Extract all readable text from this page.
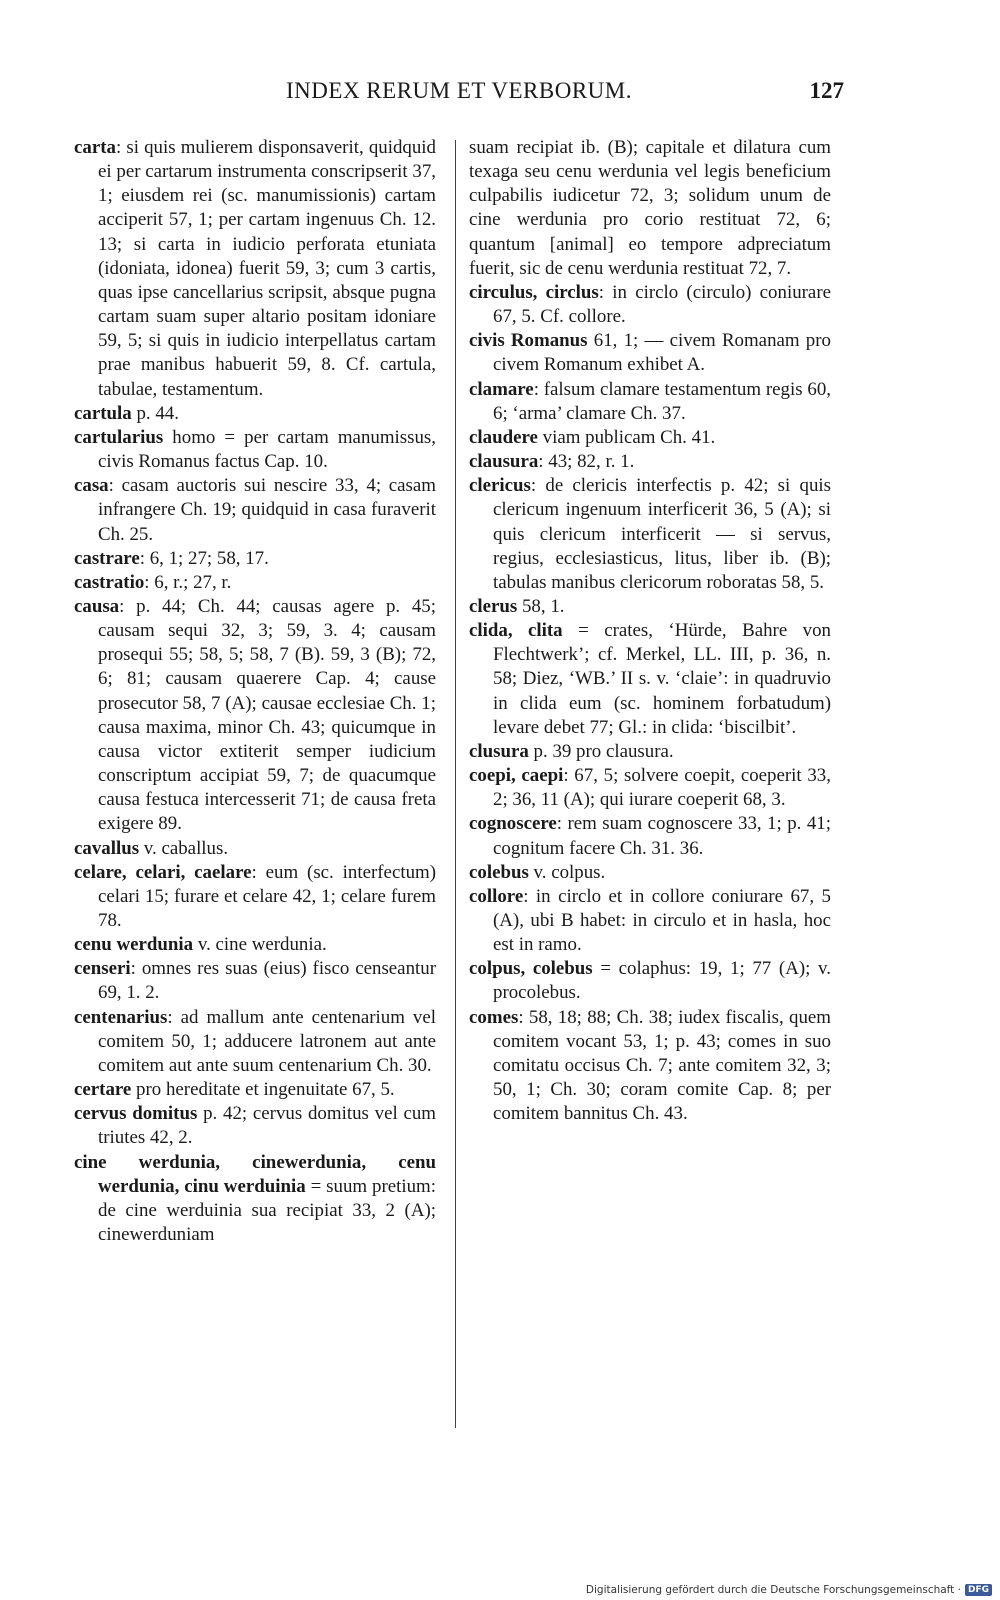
INDEX RERUM ET VERBORUM.	127

carta: si quis mulierem disponsaverit, quidquid ei per cartarum instrumenta conscripserit 37, 1; eiusdem rei (sc. manumissionis) cartam acciperit 57, 1; per cartam ingenuus Ch. 12. 13; si carta in iudicio perforata etuniata (idoniata, idonea) fuerit 59, 3; cum 3 cartis, quas ipse cancellarius scripsit, absque pugna cartam suam super altario positam idoniare 59, 5; si quis in iudicio interpellatus cartam prae manibus habuerit 59, 8. Cf. cartula, tabulae, testamentum.

cartula p. 44.

cartularius homo = per cartam manumissus, civis Romanus factus Cap. 10.

casa: casam auctoris sui nescire 33, 4; casam infrangere Ch. 19; quidquid in casa furaverit Ch. 25.

castrare: 6, 1; 27; 58, 17.

castratio: 6, r.; 27, r.

causa: p. 44; Ch. 44; causas agere p. 45; causam sequi 32, 3; 59, 3. 4; causam prosequi 55; 58, 5; 58, 7 (B). 59, 3 (B); 72, 6; 81; causam quaerere Cap. 4; cause prosecutor 58, 7 (A); causae ecclesiae Ch. 1; causa maxima, minor Ch. 43; quicumque in causa victor extiterit semper iudicium conscriptum accipiat 59, 7; de quacumque causa festuca intercesserit 71; de causa freta exigere 89.

cavallus v. caballus.

celare, celari, caelare: eum (sc. interfectum) celari 15; furare et celare 42, 1; celare furem 78.

cenu werdunia v. cine werdunia.

censeri: omnes res suas (eius) fisco censeantur 69, 1. 2.

centenarius: ad mallum ante centenarium vel comitem 50, 1; adducere latronem aut ante comitem aut ante suum centenarium Ch. 30.

certare pro hereditate et ingenuitate 67, 5.

cervus domitus p. 42; cervus domitus vel cum triutes 42, 2.

cine werdunia, cinewerdunia, cenu werdunia, cinu werduinia = suum pretium: de cine werduinia sua recipiat 33, 2 (A); cinewerduniam

suam recipiat ib. (B); capitale et dilatura cum texaga seu cenu werdunia vel legis beneficium culpabilis iudicetur 72, 3; solidum unum de cine werdunia pro corio restituat 72, 6; quantum [animal] eo tempore adpreciatum fuerit, sic de cenu werdunia restituat 72, 7.

circulus, circlus: in circlo (circulo) coniurare 67, 5. Cf. collore.

civis Romanus 61, 1; — civem Romanam pro civem Romanum exhibet A.

clamare: falsum clamare testamentum regis 60, 6; ‘arma’ clamare Ch. 37.

claudere viam publicam Ch. 41.

clausura: 43; 82, r. 1.

clericus: de clericis interfectis p. 42; si quis clericum ingenuum interficerit 36, 5 (A); si quis clericum interficerit — si servus, regius, ecclesiasticus, litus, liber ib. (B); tabulas manibus clericorum roboratas 58, 5.

clerus 58, 1.

clida, clita = crates, ‘Hürde, Bahre von Flechtwerk’; cf. Merkel, LL. III, p. 36, n. 58; Diez, ‘WB.’ II s. v. ‘claie’: in quadruvio in clida eum (sc. hominem forbatudum) levare debet 77; Gl.: in clida: ‘biscilbit’.

clusura p. 39 pro clausura.

coepi, caepi: 67, 5; solvere coepit, coeperit 33, 2; 36, 11 (A); qui iurare coeperit 68, 3.

cognoscere: rem suam cognoscere 33, 1; p. 41; cognitum facere Ch. 31. 36.

colebus v. colpus.

collore: in circlo et in collore coniurare 67, 5 (A), ubi B habet: in circulo et in hasla, hoc est in ramo.

colpus, colebus = colaphus: 19, 1; 77 (A); v. procolebus.

comes: 58, 18; 88; Ch. 38; iudex fiscalis, quem comitem vocant 53, 1; p. 43; comes in suo comitatu occisus Ch. 7; ante comitem 32, 3; 50, 1; Ch. 30; coram comite Cap. 8; per comitem bannitus Ch. 43.

Digitalisierung gefördert durch die Deutsche Forschungsgemeinschaft · DFG
